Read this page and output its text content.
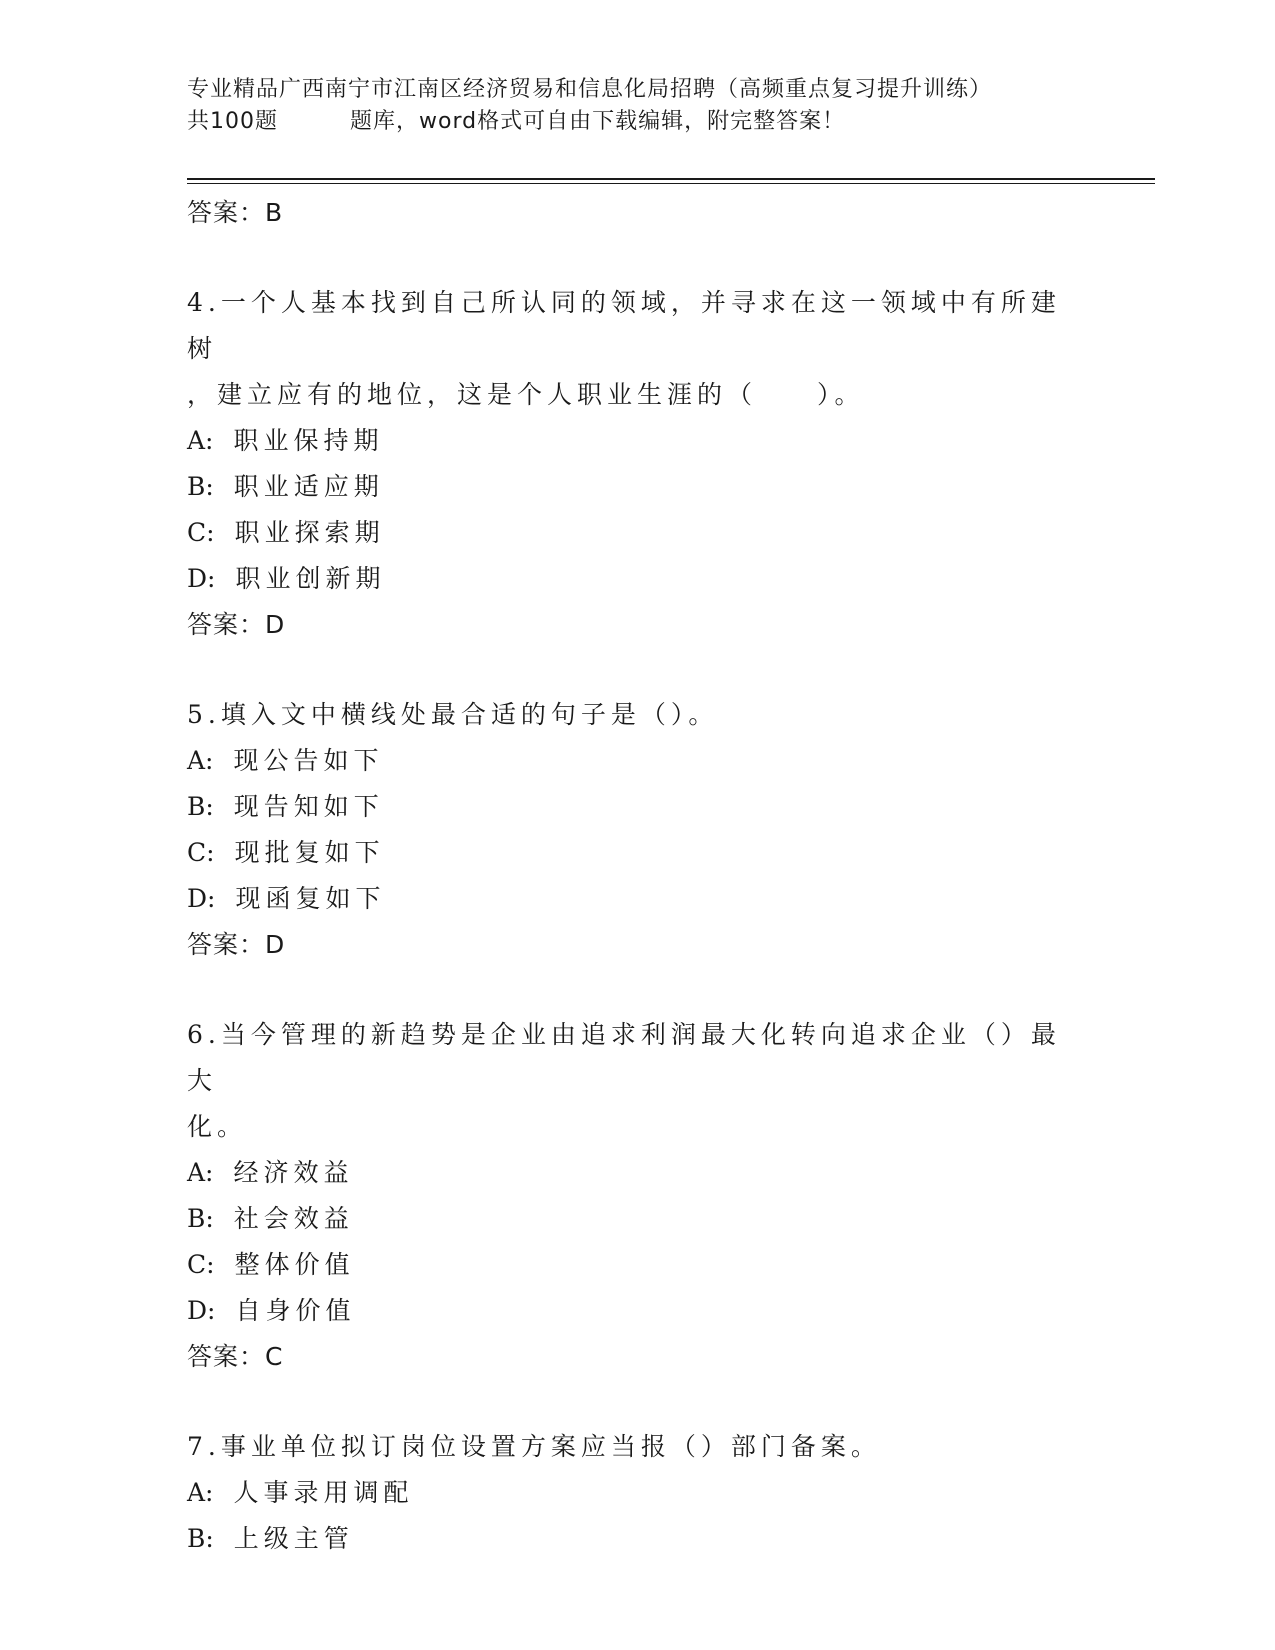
专业精品广西南宁市江南区经济贸易和信息化局招聘（高频重点复习提升训练）
共100题	题库，word格式可自由下载编辑，附完整答案！
答案：B
4.一个人基本找到自己所认同的领域，并寻求在这一领域中有所建树
，建立应有的地位，这是个人职业生涯的（　　）。
A: 职业保持期
B: 职业适应期
C: 职业探索期
D: 职业创新期
答案：D
5.填入文中横线处最合适的句子是（）。
A: 现公告如下
B: 现告知如下
C: 现批复如下
D: 现函复如下
答案：D
6.当今管理的新趋势是企业由追求利润最大化转向追求企业（）最大
化。
A: 经济效益
B: 社会效益
C: 整体价值
D: 自身价值
答案：C
7.事业单位拟订岗位设置方案应当报（）部门备案。
A: 人事录用调配
B: 上级主管
